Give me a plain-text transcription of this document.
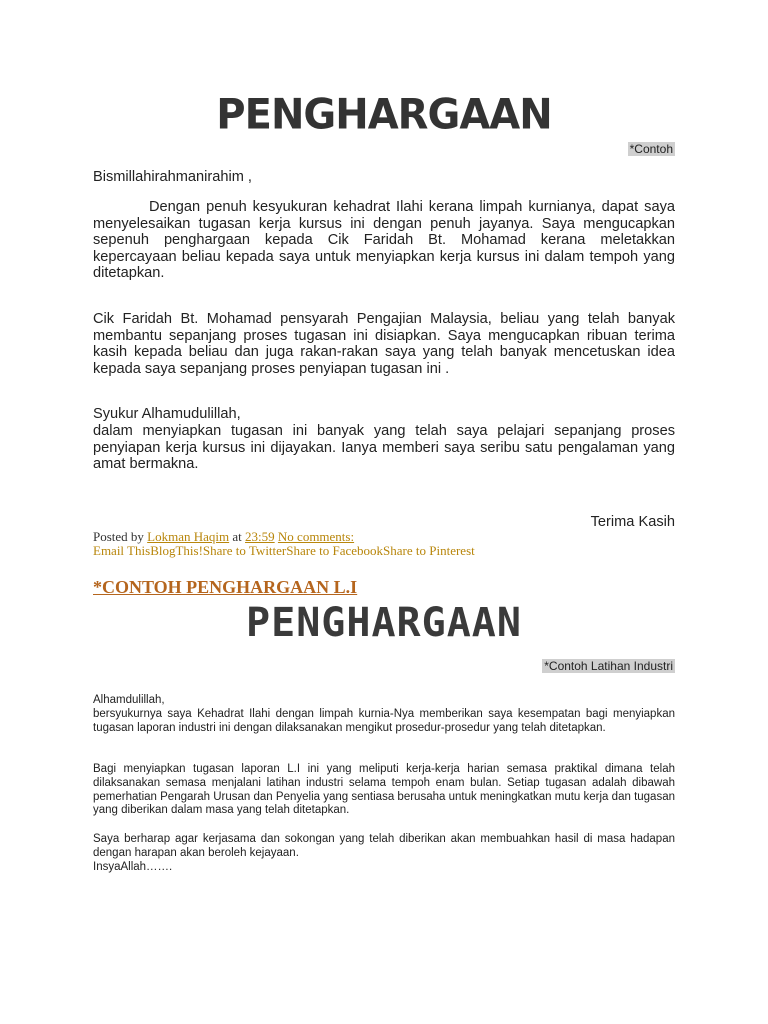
PENGHARGAAN
*Contoh

Bismillahirahmanirahim ,

Dengan penuh kesyukuran kehadrat Ilahi kerana limpah kurnianya, dapat saya menyelesaikan tugasan kerja kursus ini dengan penuh jayanya. Saya mengucapkan sepenuh penghargaan kepada Cik Faridah Bt. Mohamad kerana meletakkan kepercayaan beliau kepada saya untuk menyiapkan kerja kursus ini dalam tempoh yang ditetapkan.

Cik Faridah Bt. Mohamad pensyarah Pengajian Malaysia, beliau yang telah banyak membantu sepanjang proses tugasan ini disiapkan. Saya mengucapkan ribuan terima kasih kepada beliau dan juga rakan-rakan saya yang telah banyak mencetuskan idea kepada saya sepanjang proses penyiapan tugasan ini .

Syukur Alhamudulillah,

dalam menyiapkan tugasan ini banyak yang telah saya pelajari sepanjang proses penyiapan kerja kursus ini dijayakan. Ianya memberi saya seribu satu pengalaman yang amat bermakna.

Terima Kasih
Posted by Lokman Haqim at 23:59 No comments:
Email ThisBlogThis!Share to TwitterShare to FacebookShare to Pinterest
*CONTOH PENGHARGAAN L.I
PENGHARGAAN
*Contoh Latihan Industri

Alhamdulillah,

bersyukurnya saya Kehadrat Ilahi dengan limpah kurnia-Nya memberikan saya kesempatan bagi menyiapkan tugasan laporan industri ini dengan dilaksanakan mengikut prosedur-prosedur yang telah ditetapkan.

Bagi menyiapkan tugasan laporan L.I ini yang meliputi kerja-kerja harian semasa praktikal dimana telah dilaksanakan semasa menjalani latihan industri selama tempoh enam bulan. Setiap tugasan adalah dibawah pemerhatian Pengarah Urusan dan Penyelia yang sentiasa berusaha untuk meningkatkan mutu kerja dan tugasan yang diberikan dalam masa yang telah ditetapkan.

Saya berharap agar kerjasama dan sokongan yang telah diberikan akan membuahkan hasil di masa hadapan dengan harapan akan beroleh kejayaan.

InsyaAllah…….
